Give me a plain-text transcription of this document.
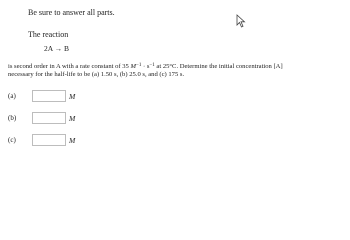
Be sure to answer all parts.
The reaction
2A → B
is second order in A with a rate constant of 35 $M^{-1} \cdot s^{-1}$ at 25°C. Determine the initial concentration [A]
necessary for the half-life to be (a) 1.50 s, (b) 25.0 s, and (c) 175 s.
(a)	M
(b)	M
(c)	M
